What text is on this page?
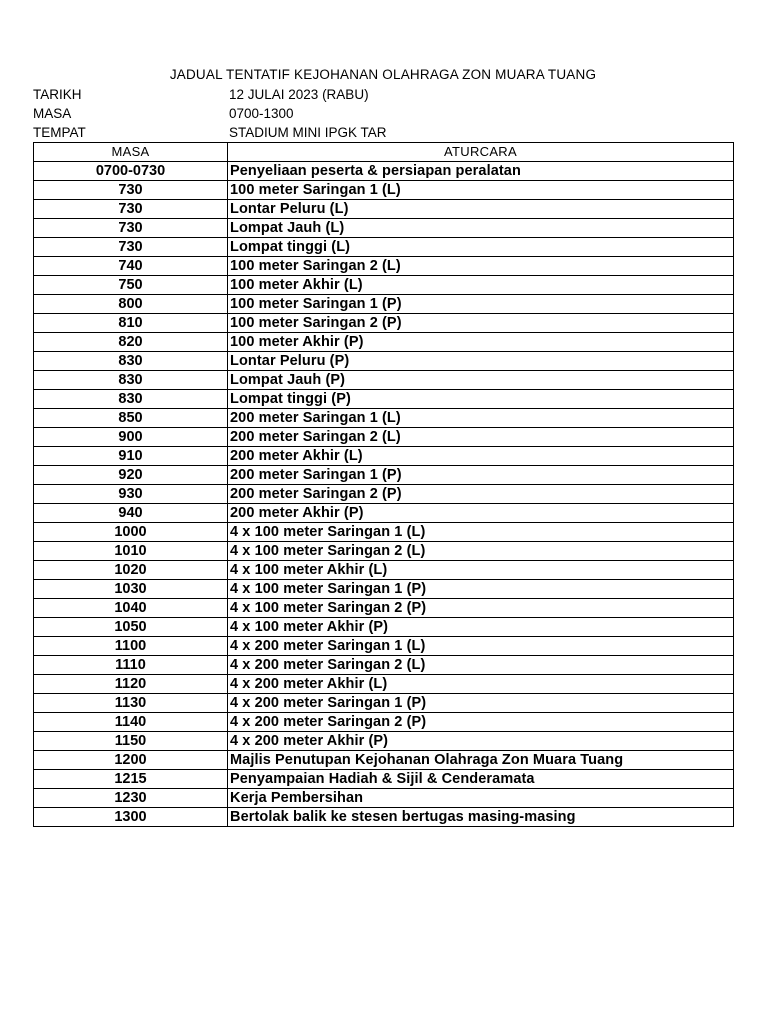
JADUAL TENTATIF KEJOHANAN OLAHRAGA ZON MUARA TUANG
TARIKH	12 JULAI 2023 (RABU)
MASA	0700-1300
TEMPAT	STADIUM MINI IPGK TAR
MASA	ATURCARA
0700-0730	Penyeliaan peserta & persiapan peralatan
730	100 meter Saringan 1 (L)
730	Lontar Peluru (L)
730	Lompat Jauh (L)
730	Lompat tinggi (L)
740	100 meter Saringan 2 (L)
750	100 meter Akhir (L)
800	100 meter Saringan 1 (P)
810	100 meter Saringan 2 (P)
820	100 meter Akhir (P)
830	Lontar Peluru (P)
830	Lompat Jauh (P)
830	Lompat tinggi (P)
850	200 meter Saringan 1 (L)
900	200 meter Saringan 2 (L)
910	200 meter Akhir (L)
920	200 meter Saringan 1 (P)
930	200 meter Saringan 2 (P)
940	200 meter Akhir (P)
1000	4 x 100 meter Saringan 1 (L)
1010	4 x 100 meter Saringan 2 (L)
1020	4 x 100 meter Akhir (L)
1030	4 x 100 meter Saringan 1 (P)
1040	4 x 100 meter Saringan 2 (P)
1050	4 x 100 meter Akhir (P)
1100	4 x 200 meter Saringan 1 (L)
1110	4 x 200 meter Saringan 2 (L)
1120	4 x 200 meter Akhir (L)
1130	4 x 200 meter Saringan 1 (P)
1140	4 x 200 meter Saringan 2 (P)
1150	4 x 200 meter Akhir (P)
1200	Majlis Penutupan Kejohanan Olahraga Zon Muara Tuang
1215	Penyampaian Hadiah & Sijil & Cenderamata
1230	Kerja Pembersihan
1300	Bertolak balik ke stesen bertugas masing-masing
